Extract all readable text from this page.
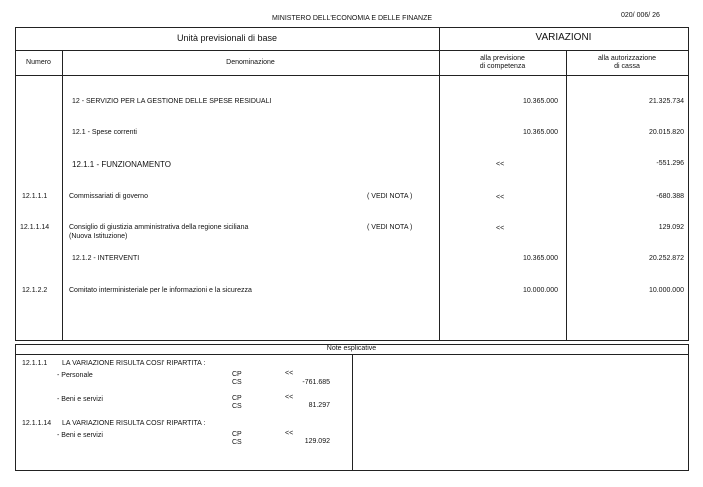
MINISTERO DELL'ECONOMIA E DELLE FINANZE	020/ 006/ 26
Unità previsionali di base	VARIAZIONI
Numero	Denominazione
alla previsione
di competenza
alla autorizzazione
di cassa
12 - SERVIZIO PER LA GESTIONE DELLE SPESE RESIDUALI	10.365.000	21.325.734
12.1 - Spese correnti	10.365.000	20.015.820
12.1.1 - FUNZIONAMENTO	<<	-551.296
12.1.1.1	Commissariati di governo	( VEDI NOTA )	<<	-680.388
12.1.1.14	Consiglio di giustizia amministrativa della regione siciliana
(Nuova Istituzione)
( VEDI NOTA )	<<	129.092
12.1.2 - INTERVENTI	10.365.000	20.252.872
12.1.2.2	Comitato interministeriale per le informazioni e la sicurezza	10.000.000	10.000.000
Note esplicative
12.1.1.1 LA VARIAZIONE RISULTA COSI' RIPARTITA :
- Personale	CP	<<
CS	-761.685
- Beni e servizi	CP	<<
CS	81.297
12.1.1.14 LA VARIAZIONE RISULTA COSI' RIPARTITA :
- Beni e servizi	CP	<<
CS	129.092
